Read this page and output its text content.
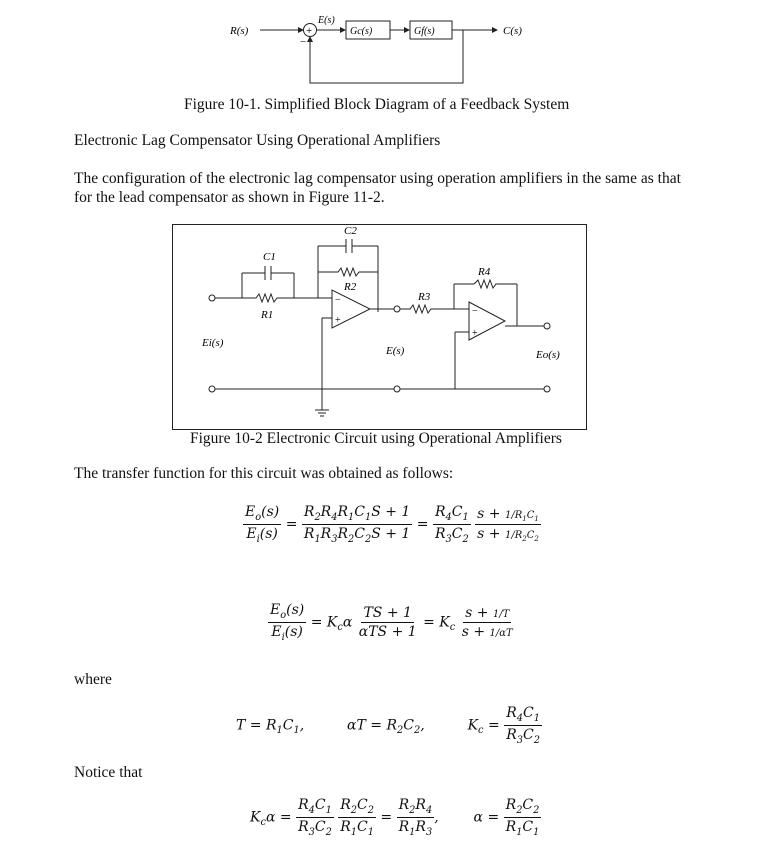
R(s)	+
−
E(s)
Gc(s)	Gf(s)	C(s)
Figure 10-1. Simplified Block Diagram of a Feedback System
Electronic Lag Compensator Using Operational Amplifiers
The configuration of the electronic lag compensator using operation amplifiers in the same as that for the lead compensator as shown in Figure 11-2.
−
+
−
+
C1
C2
R1
R2
R3
R4
Ei(s)
E(s)	Eo(s)
Figure 10-2 Electronic Circuit using Operational Amplifiers
The transfer function for this circuit was obtained as follows:
$\frac{E_o(s)}{E_i(s)} = \frac{R_2R_4R_1C_1S + 1}{R_1R_3R_2C_2S + 1} = \frac{R_4C_1}{R_3C_2}$
$\frac{s + 1/R_1C_1}{s + 1/R_2C_2}$
$\frac{E_o(s)}{E_i(s)} = K_c\alpha \frac{TS + 1}{\text{αTS + 1}} = K_c \frac{s + 1/T}{s + 1/\alpha T}$
where
$T = R_1C_1$,  $\alpha T = R_2C_2$,  $K_c = \frac{R_4C_1}{R_3C_2}$
Notice that
$K_c\alpha = \frac{R_4C_1}{R_3C_2}$
$\frac{R_2C_2}{R_1C_1} = \frac{R_2R_4}{R_1R_3}$ ,  $\alpha = \frac{R_2C_2}{R_1C_1}$
